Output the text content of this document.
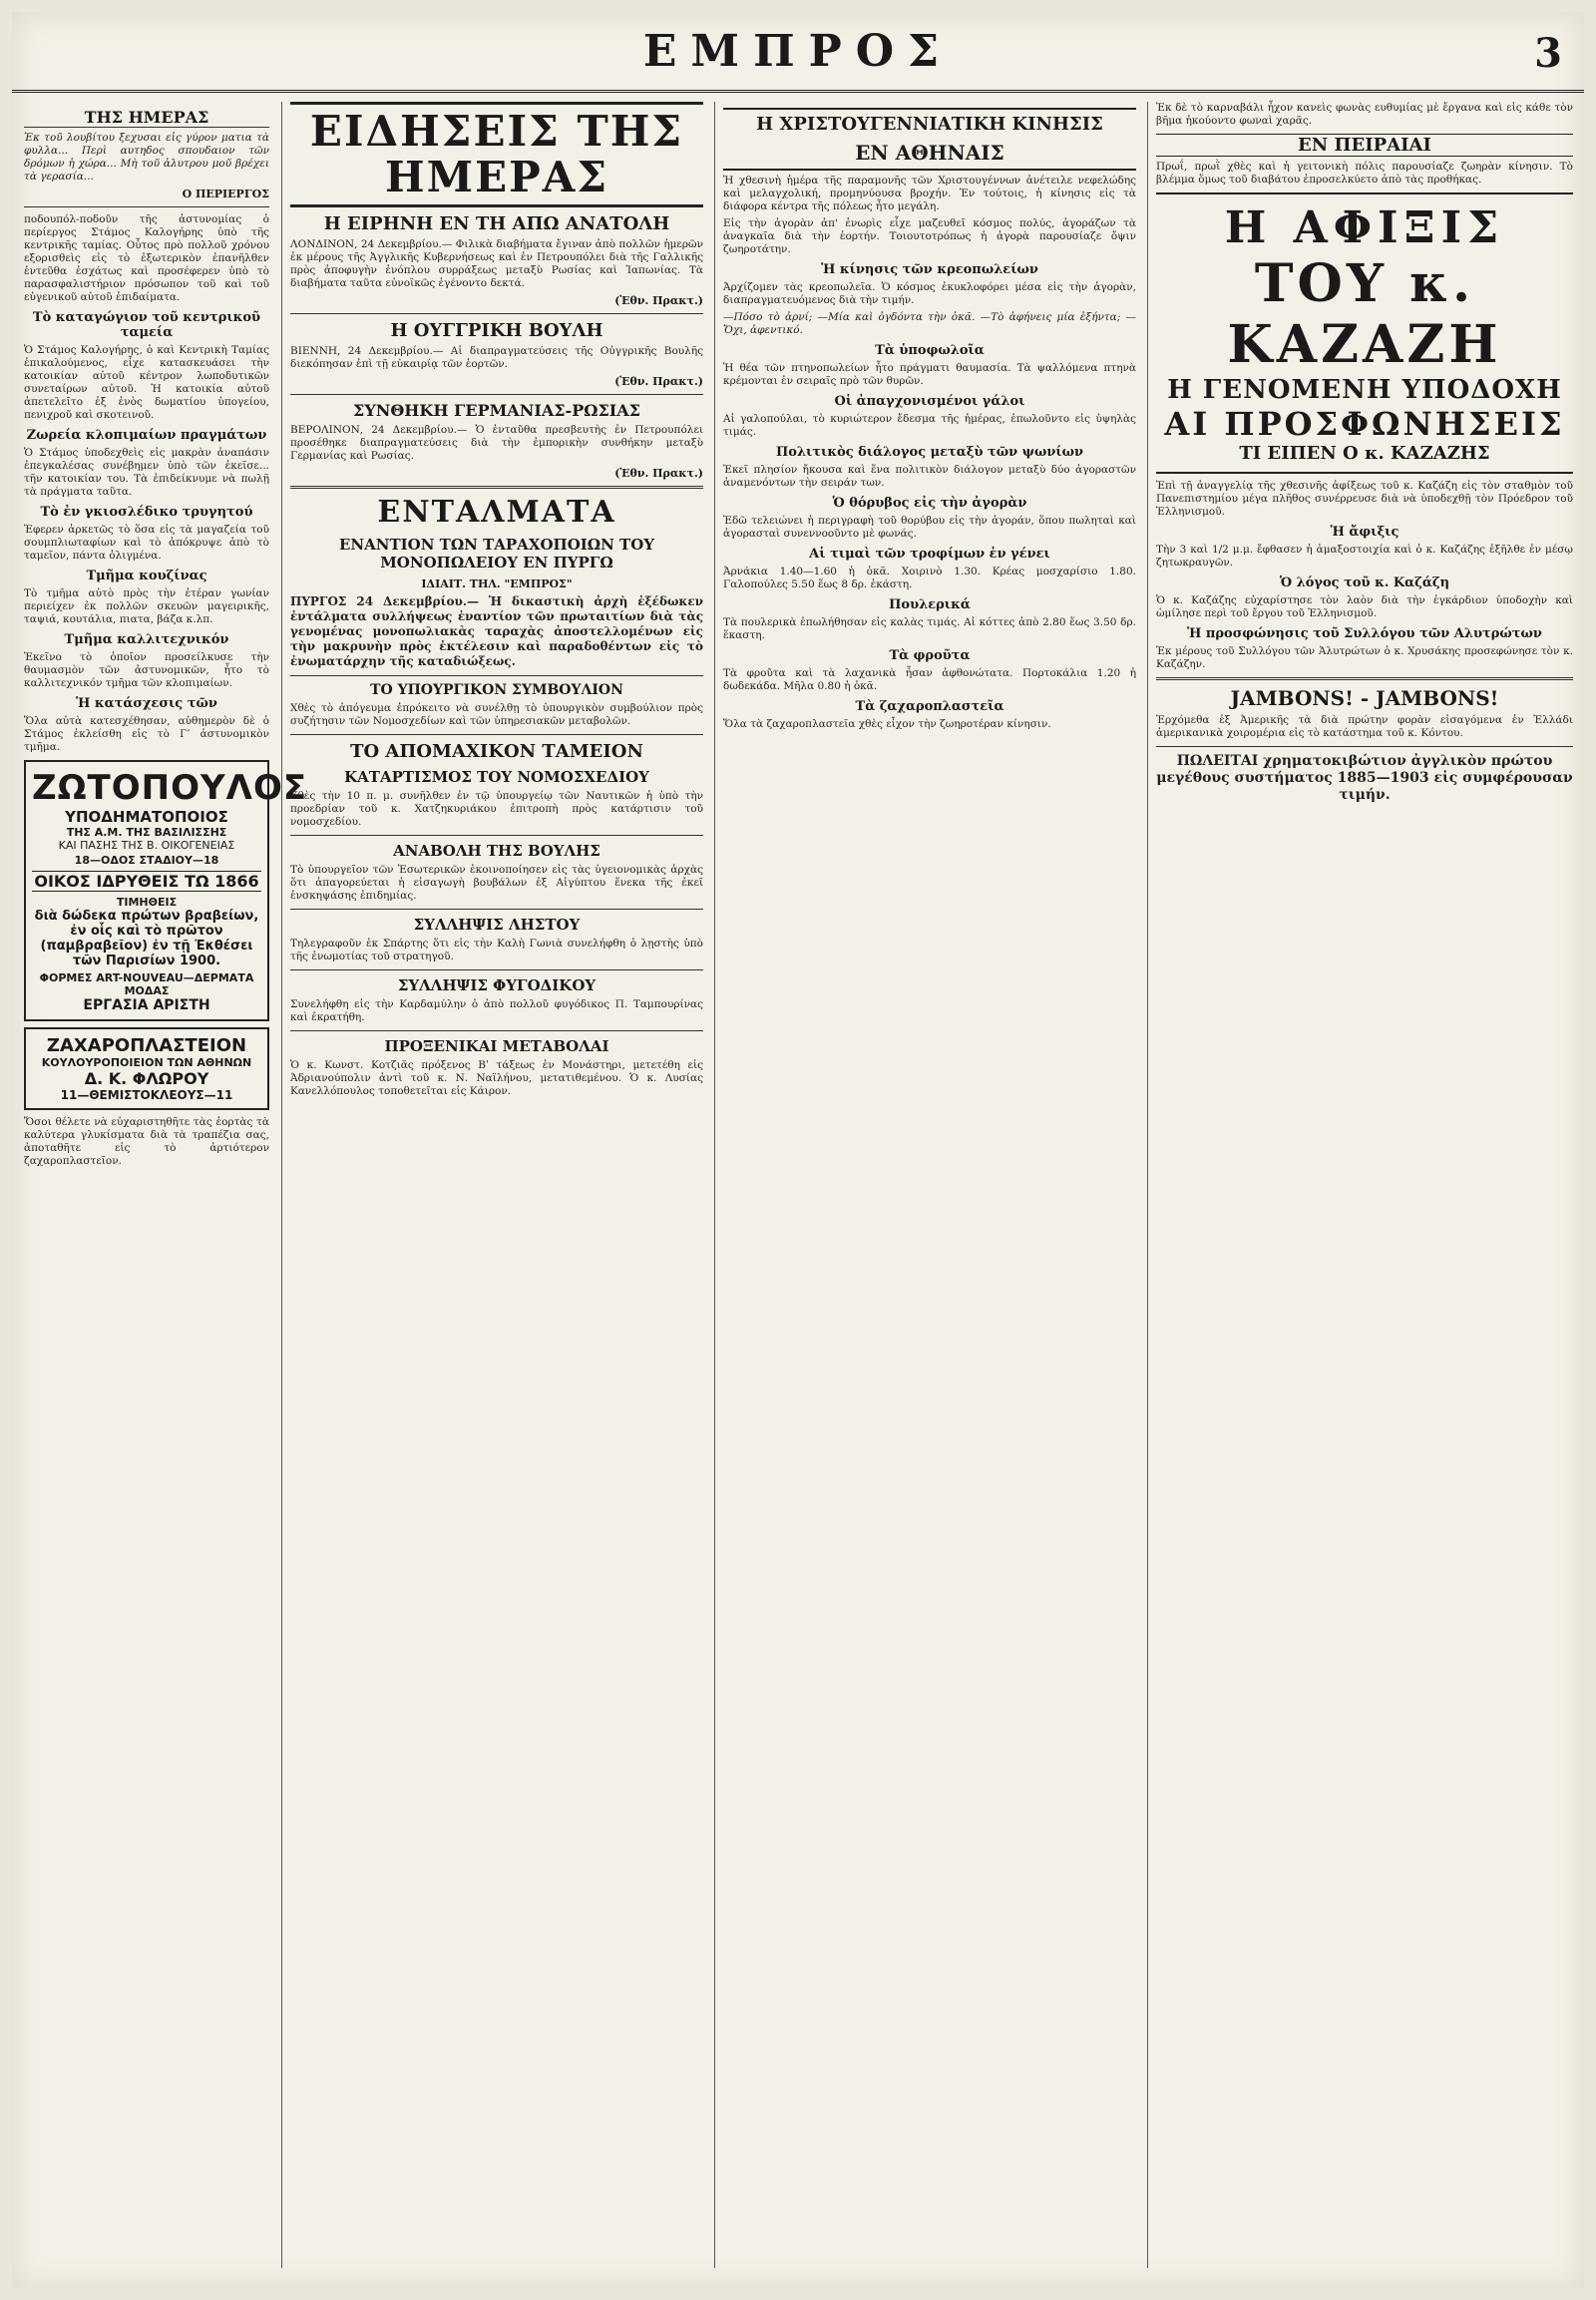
ΕΜΠΡΟΣ	3
ΤΗΣ ΗΜΕΡΑΣ

Ἐκ τοῦ λουβίτου ξεχυσαι εἰς γύρον ματια τὰ φυλλα... Περὶ αυτηδος σπουδαιον τῶν δρόμων ἡ χώρα... Μὴ τοῦ ἀλυτρου μοῦ βρέχει τὰ γερασία...

Ο ΠΕΡΙΕΡΓΟΣ

ποδουπόλ-ποδοῦν τῆς ἀστυνομίας ὁ περίεργος Στάμος Καλογήρης ὑπὸ τῆς κεντρικῆς ταμίας. Οὗτος πρὸ πολλοῦ χρόνου εξορισθεὶς εἰς τὸ ἐξωτερικὸν ἐπανῆλθεν ἐντεῦθα ἐσχάτως καὶ προσέφερεν ὑπὸ τὸ παρασφαλιστήριον πρόσωπον τοῦ καὶ τοῦ εὐγενικοῦ αὐτοῦ ἐπιδαίματα.

Τὸ καταγώγιον τοῦ κεντρικοῦ ταμεία

Ὁ Στάμος Καλογήρης, ὁ καὶ Κεντρικὴ Ταμίας ἐπικαλούμενος, εἶχε κατασκευάσει τὴν κατοικίαν αὐτοῦ κέντρον λωποδυτικῶν συνεταίρων αὐτοῦ. Ἡ κατοικία αὐτοῦ ἀπετελεῖτο ἐξ ἑνὸς δωματίου ὑπογείου, πενιχροῦ καὶ σκοτεινοῦ.

Ζωρεία κλοπιμαίων πραγμάτων

Ὁ Στάμος ὑποδεχθεὶς εἰς μακρὰν ἀναπάσιν ἐπεγκαλέσας συνέβημεν ὑπὸ τῶν ἐκεῖσε... τῆν κατοικίαν του. Τὰ ἐπιδείκνυμε νὰ πωλῇ τὰ πράγματα ταῦτα.

Τὸ ἐν γκιοσλέδικο τρυγητού

Ἐφερεν ἀρκετῶς τὸ ὅσα εἰς τὰ μαγαζεία τοῦ σουμπλιωταφίων καὶ τὸ ἀπόκρυψε ἀπὸ τὸ ταμεῖον, πάντα ὀλιγμένα.

Τμῆμα κουζίνας

Τὸ τμῆμα αὐτὸ πρὸς τὴν ἐτέραν γωνίαν περιείχεν ἐκ πολλῶν σκευῶν μαγειρικῆς, ταψιά, κουτάλια, πιατα, βάζα κ.λπ.

Τμῆμα καλλιτεχνικόν

Ἐκεῖνο τὸ ὁποῖον προσείλκυσε τὴν θαυμασμὸν τῶν ἀστυνομικῶν, ἦτο τὸ καλλιτεχνικόν τμῆμα τῶν κλοπιμαίων.

Ἡ κατάσχεσις τῶν

Ὅλα αὐτὰ κατεσχέθησαν, αὐθημερὸν δὲ ὁ Στάμος ἐκλείσθη εἰς τὸ Γʹ ἀστυνομικὸν τμῆμα.

ΖΩΤΟΠΟΥΛΟΣ
ΥΠΟΔΗΜΑΤΟΠΟΙΟΣ
ΤΗΣ Α.Μ. ΤΗΣ ΒΑΣΙΛΙΣΣΗΣ
ΚΑΙ ΠΑΣΗΣ ΤΗΣ Β. ΟΙΚΟΓΕΝΕΙΑΣ
18—ΟΔΟΣ ΣΤΑΔΙΟΥ—18
ΟΙΚΟΣ ΙΔΡΥΘΕΙΣ ΤΩ 1866
ΤΙΜΗΘΕΙΣ
διὰ δώδεκα πρώτων βραβείων, ἐν οἷς καὶ τὸ πρῶτον (παμβραβεῖον) ἐν τῇ Ἐκθέσει τῶν Παρισίων 1900.
ΦΟΡΜΕΣ ART-NOUVEAU—ΔΕΡΜΑΤΑ ΜΟΔΑΣ
ΕΡΓΑΣΙΑ ΑΡΙΣΤΗ
ΖΑΧΑΡΟΠΛΑΣΤΕΙΟΝ
ΚΟΥΛΟΥΡΟΠΟΙΕΙΟΝ ΤΩΝ ΑΘΗΝΩΝ
Δ. Κ. ΦΛΩΡΟΥ
11—ΘΕΜΙΣΤΟΚΛΕΟΥΣ—11

Ὅσοι θέλετε νὰ εὐχαριστηθῆτε τὰς ἑορτὰς τὰ καλύτερα γλυκίσματα διὰ τὰ τραπέζια σας, ἀποταθῆτε εἰς τὸ ἀρτιότερον ζαχαροπλαστεῖον.

ΕΙΔΗΣΕΙΣ ΤΗΣ ΗΜΕΡΑΣ
Η ΕΙΡΗΝΗ ΕΝ ΤΗ ΑΠΩ ΑΝΑΤΟΛΗ

ΛΟΝΔΙΝΟΝ, 24 Δεκεμβρίου.— Φιλικὰ διαβήματα ἔγιναν ἀπὸ πολλῶν ἡμερῶν ἐκ μέρους τῆς Ἀγγλικῆς Κυβερνήσεως καὶ ἐν Πετρουπόλει διὰ τῆς Γαλλικῆς πρὸς ἀποφυγὴν ἐνόπλου συρράξεως μεταξὺ Ρωσίας καὶ Ἰαπωνίας. Τὰ διαβήματα ταῦτα εὐνοϊκῶς ἐγένοντο δεκτά.

(Ἐθν. Πρακτ.)
Η ΟΥΓΓΡΙΚΗ ΒΟΥΛΗ

ΒΙΕΝΝΗ, 24 Δεκεμβρίου.— Αἱ διαπραγματεύσεις τῆς Οὐγγρικῆς Βουλῆς διεκόπησαν ἐπὶ τῇ εὐκαιρίᾳ τῶν ἑορτῶν.

(Ἐθν. Πρακτ.)
ΣΥΝΘΗΚΗ ΓΕΡΜΑΝΙΑΣ-ΡΩΣΙΑΣ

ΒΕΡΟΛΙΝΟΝ, 24 Δεκεμβρίου.— Ὁ ἐνταῦθα πρεσβευτὴς ἐν Πετρουπόλει προσέθηκε διαπραγματεύσεις διὰ τὴν ἐμπορικὴν συνθήκην μεταξὺ Γερμανίας καὶ Ρωσίας.

(Ἐθν. Πρακτ.)
ΕΝΤΑΛΜΑΤΑ
ΕΝΑΝΤΙΟΝ ΤΩΝ ΤΑΡΑΧΟΠΟΙΩΝ ΤΟΥ ΜΟΝΟΠΩΛΕΙΟΥ ΕΝ ΠΥΡΓΩ
ΙΔΙΑΙΤ. ΤΗΛ. "ΕΜΠΡΟΣ"

ΠΥΡΓΟΣ 24 Δεκεμβρίου.— Ἡ δικαστικὴ ἀρχὴ ἐξέδωκεν ἐντάλματα συλλήψεως ἐναντίον τῶν πρωταιτίων διὰ τὰς γενομένας μονοπωλιακὰς ταραχὰς ἀποστελλομένων εἰς τὴν μακρυνὴν πρὸς ἐκτέλεσιν καὶ παραδοθέντων εἰς τὸ ἐνωματάρχην τῆς καταδιώξεως.

ΤΟ ΥΠΟΥΡΓΙΚΟΝ ΣΥΜΒΟΥΛΙΟΝ

Χθὲς τὸ ἀπόγευμα ἐπρόκειτο νὰ συνέλθῃ τὸ ὑπουργικὸν συμβούλιον πρὸς συζήτησιν τῶν Νομοσχεδίων καὶ τῶν ὑπηρεσιακῶν μεταβολῶν.

ΤΟ ΑΠΟΜΑΧΙΚΟΝ ΤΑΜΕΙΟΝ
ΚΑΤΑΡΤΙΣΜΟΣ ΤΟΥ ΝΟΜΟΣΧΕΔΙΟΥ

Χθὲς τὴν 10 π. μ. συνῆλθεν ἐν τῷ ὑπουργείῳ τῶν Ναυτικῶν ἡ ὑπὸ τὴν προεδρίαν τοῦ κ. Χατζηκυριάκου ἐπιτροπὴ πρὸς κατάρτισιν τοῦ νομοσχεδίου.

ΑΝΑΒΟΛΗ ΤΗΣ ΒΟΥΛΗΣ

Τὸ ὑπουργεῖον τῶν Ἐσωτερικῶν ἐκοινοποίησεν εἰς τὰς ὑγειονομικὰς ἀρχὰς ὅτι ἀπαγορεύεται ἡ εἰσαγωγὴ βουβάλων ἐξ Αἰγύπτου ἕνεκα τῆς ἐκεῖ ἐνσκηψάσης ἐπιδημίας.

ΣΥΛΛΗΨΙΣ ΛΗΣΤΟΥ

Τηλεγραφοῦν ἐκ Σπάρτης ὅτι εἰς τὴν Καλὴ Γωνιὰ συνελήφθη ὁ λῃστὴς ὑπὸ τῆς ἐνωμοτίας τοῦ στρατηγοῦ.

ΣΥΛΛΗΨΙΣ ΦΥΓΟΔΙΚΟΥ

Συνελήφθη εἰς τὴν Καρδαμύλην ὁ ἀπὸ πολλοῦ φυγόδικος Π. Ταμπουρίνας καὶ ἐκρατήθη.

ΠΡΟΞΕΝΙΚΑΙ ΜΕΤΑΒΟΛΑΙ

Ὁ κ. Κωνστ. Κοτζιᾶς πρόξενος Βʹ τάξεως ἐν Μονάστηρι, μετετέθη εἰς Ἀδριανούπολιν ἀντὶ τοῦ κ. Ν. Ναϊλήνου, μετατιθεμένου. Ὁ κ. Λυσίας Κανελλόπουλος τοποθετεῖται εἰς Κάιρον.

Η ΧΡΙΣΤΟΥΓΕΝΝΙΑΤΙΚΗ ΚΙΝΗΣΙΣ
ΕΝ ΑΘΗΝΑΙΣ

Ἡ χθεσινὴ ἡμέρα τῆς παραμονῆς τῶν Χριστουγέννων ἀνέτειλε νεφελώδης καὶ μελαγχολική, προμηνύουσα βροχήν. Ἐν τούτοις, ἡ κίνησις εἰς τὰ διάφορα κέντρα τῆς πόλεως ἦτο μεγάλη.

Εἰς τὴν ἀγορὰν ἀπ' ἐνωρὶς εἶχε μαζευθεῖ κόσμος πολύς, ἀγοράζων τὰ ἀναγκαῖα διὰ τὴν ἑορτήν. Τοιουτοτρόπως ἡ ἀγορὰ παρουσίαζε ὄψιν ζωηροτάτην.

Ἡ κίνησις τῶν κρεοπωλείων

Ἀρχίζομεν τὰς κρεοπωλεῖα. Ὁ κόσμος ἐκυκλοφόρει μέσα εἰς τὴν ἀγορὰν, διαπραγματευόμενος διὰ τὴν τιμήν.

—Πόσο τὸ ἀρνί; —Μία καὶ ὀγδόντα τὴν ὀκᾶ. —Τὸ ἀφήνεις μία ἑξήντα; —Ὄχι, ἀφεντικό.

Τὰ ὑποφωλοῖα

Ἡ θέα τῶν πτηνοπωλείων ἦτο πράγματι θαυμασία. Τὰ ψαλλόμενα πτηνὰ κρέμονται ἐν σειραῖς πρὸ τῶν θυρῶν.

Οἱ ἀπαγχονισμένοι γάλοι

Αἱ γαλοπούλαι, τὸ κυριώτερον ἔδεσμα τῆς ἡμέρας, ἐπωλοῦντο εἰς ὑψηλὰς τιμάς.

Πολιτικὸς διάλογος μεταξὺ τῶν ψωνίων

Ἐκεῖ πλησίον ἤκουσα καὶ ἕνα πολιτικὸν διάλογον μεταξὺ δύο ἀγοραστῶν ἀναμενόντων τὴν σειράν των.

Ὁ θόρυβος εἰς τὴν ἀγορὰν

Ἐδῶ τελειώνει ἡ περιγραφὴ τοῦ θορύβου εἰς τὴν ἀγοράν, ὅπου πωληταὶ καὶ ἀγορασταὶ συνεννοοῦντο μὲ φωνάς.

Αἱ τιμαὶ τῶν τροφίμων ἐν γένει

Ἀρνάκια 1.40—1.60 ἡ ὀκᾶ. Χοιρινὸ 1.30. Κρέας μοσχαρίσιο 1.80. Γαλοπούλες 5.50 ἕως 8 δρ. ἑκάστη.

Πουλερικά

Τὰ πουλερικὰ ἐπωλήθησαν εἰς καλὰς τιμάς. Αἱ κόττες ἀπὸ 2.80 ἕως 3.50 δρ. ἕκαστη.

Τὰ φροῦτα

Τὰ φροῦτα καὶ τὰ λαχανικὰ ἦσαν ἀφθονώτατα. Πορτοκάλια 1.20 ἡ δωδεκάδα. Μῆλα 0.80 ἡ ὀκᾶ.

Τὰ ζαχαροπλαστεῖα

Ὅλα τὰ ζαχαροπλαστεῖα χθὲς εἶχον τὴν ζωηροτέραν κίνησιν.

Ἐκ δὲ τὸ καρναβάλι ἦχον κανεὶς φωνὰς ευθυμίας μὲ ἔργανα καὶ εἰς κάθε τὸν βῆμα ἠκούοντο φωναὶ χαρᾶς.

ΕΝ ΠΕΙΡΑΙΑΙ

Πρωΐ, πρωῒ χθὲς καὶ ἡ γειτονικὴ πόλις παρουσίαζε ζωηρὰν κίνησιν. Τὸ βλέμμα ὅμως τοῦ διαβάτου ἐπροσελκύετο ἀπὸ τὰς προθήκας.

Η ΑΦΙΞΙΣ
ΤΟΥ κ. ΚΑΖΑΖΗ
Η ΓΕΝΟΜΕΝΗ ΥΠΟΔΟΧΗ
ΑΙ ΠΡΟΣΦΩΝΗΣΕΙΣ
ΤΙ ΕΙΠΕΝ Ο κ. ΚΑΖΑΖΗΣ

Ἐπὶ τῇ ἀναγγελίᾳ τῆς χθεσινῆς ἀφίξεως τοῦ κ. Καζάζη εἰς τὸν σταθμὸν τοῦ Πανεπιστημίου μέγα πλῆθος συνέρρευσε διὰ νὰ ὑποδεχθῇ τὸν Πρόεδρον τοῦ Ἑλληνισμοῦ.

Ἡ ἄφιξις

Τὴν 3 καὶ 1/2 μ.μ. ἔφθασεν ἡ ἁμαξοστοιχία καὶ ὁ κ. Καζάζης ἐξῆλθε ἐν μέσῳ ζητωκραυγῶν.

Ὁ λόγος τοῦ κ. Καζάζη

Ὁ κ. Καζάζης εὐχαρίστησε τὸν λαὸν διὰ τὴν ἐγκάρδιον ὑποδοχὴν καὶ ὡμίλησε περὶ τοῦ ἔργου τοῦ Ἑλληνισμοῦ.

Ἡ προσφώνησις τοῦ Συλλόγου τῶν Αλυτρώτων

Ἐκ μέρους τοῦ Συλλόγου τῶν Ἀλυτρώτων ὁ κ. Χρυσάκης προσεφώνησε τὸν κ. Καζάζην.

JAMBONS! - JAMBONS!

Ἐρχόμεθα ἐξ Ἀμερικῆς τὰ διὰ πρώτην φορὰν εἰσαγόμενα ἐν Ἑλλάδι ἀμερικανικὰ χοιρομέρια εἰς τὸ κατάστημα τοῦ κ. Κόντου.

ΠΩΛΕΙΤΑΙ χρηματοκιβώτιον ἀγγλικὸν πρώτου μεγέθους συστήματος 1885—1903 εἰς συμφέρουσαν τιμήν.
